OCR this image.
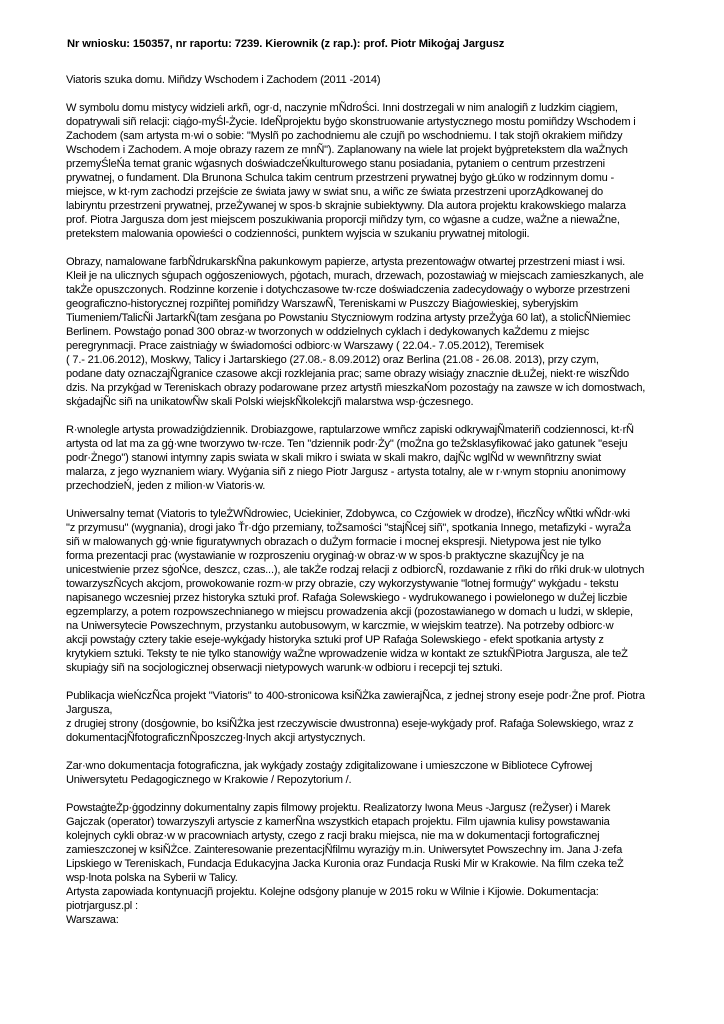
Nr wniosku: 150357, nr raportu: 7239. Kierownik (z rap.): prof. Piotr Mikoġaj Jargusz
Viatoris szuka domu. Miñdzy Wschodem i Zachodem (2011 -2014)
W symbolu domu mistycy widzieli arkñ, ogr·d, naczynie mÑdroŚci. Inni dostrzegali w nim analogiñ z ludzkim ciągiem,
dopatrywali siñ relacji: ciąġo-myŚl-Życie. IdeÑprojektu byġo skonstruowanie artystycznego mostu pomiñdzy Wschodem i
Zachodem (sam artysta m·wi o sobie: "Myslñ po zachodniemu ale czujñ po wschodniemu. I tak stojñ okrakiem miñdzy
Wschodem i Zachodem. A moje obrazy razem ze mnÑ"). Zaplanowany na wiele lat projekt byġpretekstem dla waŻnych
przemyŚleŃa temat granic wġasnych doświadczeŃkulturowego stanu posiadania, pytaniem o centrum przestrzeni
prywatnej, o fundament. Dla Brunona Schulca takim centrum przestrzeni prywatnej byġo gŁúko w rodzinnym domu -
miejsce, w kt·rym zachodzi przejście ze świata jawy w swiat snu, a wiñc ze świata przestrzeni uporzĄdkowanej do
labiryntu przestrzeni prywatnej, przeŻywanej w spos·b skrajnie subiektywny. Dla autora projektu krakowskiego malarza
prof. Piotra Jargusza dom jest miejscem poszukiwania proporcji miñdzy tym, co wġasne a cudze, waŻne a niewaŻne,
pretekstem malowania opowieści o codzienności, punktem wyjscia w szukaniu prywatnej mitologii.
Obrazy, namalowane farbÑdrukarskÑna pakunkowym papierze, artysta prezentowaġw otwartej przestrzeni miast i wsi.
Kleił je na ulicznych sġupach ogġoszeniowych, pġotach, murach, drzewach, pozostawiaġ w miejscach zamieszkanych, ale
takŻe opuszczonych. Rodzinne korzenie i dotychczasowe tw·rcze doświadczenia zadecydowaġy o wyborze przestrzeni
geograficzno-historycznej rozpiñtej pomiñdzy WarszawÑ, Tereniskami w Puszczy Biaġowieskiej, syberyjskim
Tiumeniem/TalicÑi JartarkÑ(tam zesġana po Powstaniu Styczniowym rodzina artysty przeŻyġa 60 lat), a stolicÑNiemiec
Berlinem. Powstaġo ponad 300 obraz·w tworzonych w oddzielnych cyklach i dedykowanych kaŻdemu z miejsc
peregrynmacji. Prace zaistniaġy w świadomości odbiorc·w Warszawy ( 22.04.- 7.05.2012), Teremisek
( 7.- 21.06.2012), Moskwy, Talicy i Jartarskiego (27.08.- 8.09.2012) oraz Berlina (21.08 - 26.08. 2013), przy czym,
podane daty oznaczajÑgranice czasowe akcji rozklejania prac; same obrazy wisiaġy znacznie dŁuŻej, niekt·re wiszÑdo
dzis. Na przykġad w Tereniskach obrazy podarowane przez artystñ mieszkaŃom pozostaġy na zawsze w ich domostwach,
skġadajÑc siñ na unikatowÑw skali Polski wiejskÑkolekcjñ malarstwa wsp·ġczesnego.
R·wnolegle artysta prowadziġdziennik. Drobiazgowe, raptularzowe wmñcz zapiski odkrywajÑmateriñ codziennosci, kt·rÑ
artysta od lat ma za gġ·wne tworzywo tw·rcze. Ten "dziennik podr·Ży" (moŻna go teŻsklasyfikować jako gatunek "eseju
podr·Żnego") stanowi intymny zapis swiata w skali mikro i swiata w skali makro, dajÑc wglÑd w wewnñtrzny swiat
malarza, z jego wyznaniem wiary. Wyġania siñ z niego Piotr Jargusz - artysta totalny, ale w r·wnym stopniu anonimowy
przechodzieŃ, jeden z milion·w Viatoris·w.
Uniwersalny temat (Viatoris to tyleŻWÑdrowiec, Uciekinier, Zdobywca, co Czġowiek w drodze), łñczÑcy wÑtki wÑdr·wki
"z przymusu" (wygnania), drogi jako Ťr·dġo przemiany, toŻsamości "stajÑcej siñ", spotkania Innego, metafizyki - wyraŻa
siñ w malowanych gġ·wnie figuratywnych obrazach o duŻym formacie i mocnej ekspresji. Nietypowa jest nie tylko
forma prezentacji prac (wystawianie w rozproszeniu oryginaġ·w obraz·w w spos·b praktyczne skazujÑcy je na
unicestwienie przez sġoŃce, deszcz, czas...), ale takŻe rodzaj relacji z odbiorcÑ, rozdawanie z rñki do rñki druk·w ulotnych
towarzyszÑcych akcjom, prowokowanie rozm·w przy obrazie, czy wykorzystywanie "lotnej formuġy" wykġadu - tekstu
napisanego wczesniej przez historyka sztuki prof. Rafaġa Solewskiego - wydrukowanego i powielonego w duŻej liczbie
egzemplarzy, a potem rozpowszechnianego w miejscu prowadzenia akcji (pozostawianego w domach u ludzi, w sklepie,
na Uniwersytecie Powszechnym, przystanku autobusowym, w karczmie, w wiejskim teatrze). Na potrzeby odbiorc·w
akcji powstaġy cztery takie eseje-wykġady historyka sztuki prof UP Rafaġa Solewskiego - efekt spotkania artysty z
krytykiem sztuki. Teksty te nie tylko stanowiġy waŻne wprowadzenie widza w kontakt ze sztukÑPiotra Jargusza, ale teŻ
skupiaġy siñ na socjologicznej obserwacji nietypowych warunk·w odbioru i recepcji tej sztuki.
Publikacja wieŃczÑca projekt "Viatoris" to 400-stronicowa ksiÑŻka zawierajÑca, z jednej strony eseje podr·Żne prof. Piotra
Jargusza,
z drugiej strony (dosġownie, bo ksiÑŻka jest rzeczywiscie dwustronna) eseje-wykġady prof. Rafaġa Solewskiego, wraz z
dokumentacjÑfotograficznÑposzczeg·lnych akcji artystycznych.
Zar·wno dokumentacja fotograficzna, jak wykġady zostaġy zdigitalizowane i umieszczone w Bibliotece Cyfrowej
Uniwersytetu Pedagogicznego w Krakowie / Repozytorium /.
PowstaġteŻp·ġgodzinny dokumentalny zapis filmowy projektu. Realizatorzy Iwona Meus -Jargusz (reŻyser) i Marek
Gajczak (operator) towarzyszyli artyscie z kamerÑna wszystkich etapach projektu. Film ujawnia kulisy powstawania
kolejnych cykli obraz·w w pracowniach artysty, czego z racji braku miejsca, nie ma w dokumentacji fortograficznej
zamieszczonej w ksiÑŻce. Zainteresowanie prezentacjÑfilmu wyraziġy m.in. Uniwersytet Powszechny im. Jana J·zefa
Lipskiego w Tereniskach, Fundacja Edukacyjna Jacka Kuronia oraz Fundacja Ruski Mir w Krakowie. Na film czeka teŻ
wsp·lnota polska na Syberii w Talicy.
Artysta zapowiada kontynuacjñ projektu. Kolejne odsġony planuje w 2015 roku w Wilnie i Kijowie. Dokumentacja:
piotrjargusz.pl :
Warszawa:
